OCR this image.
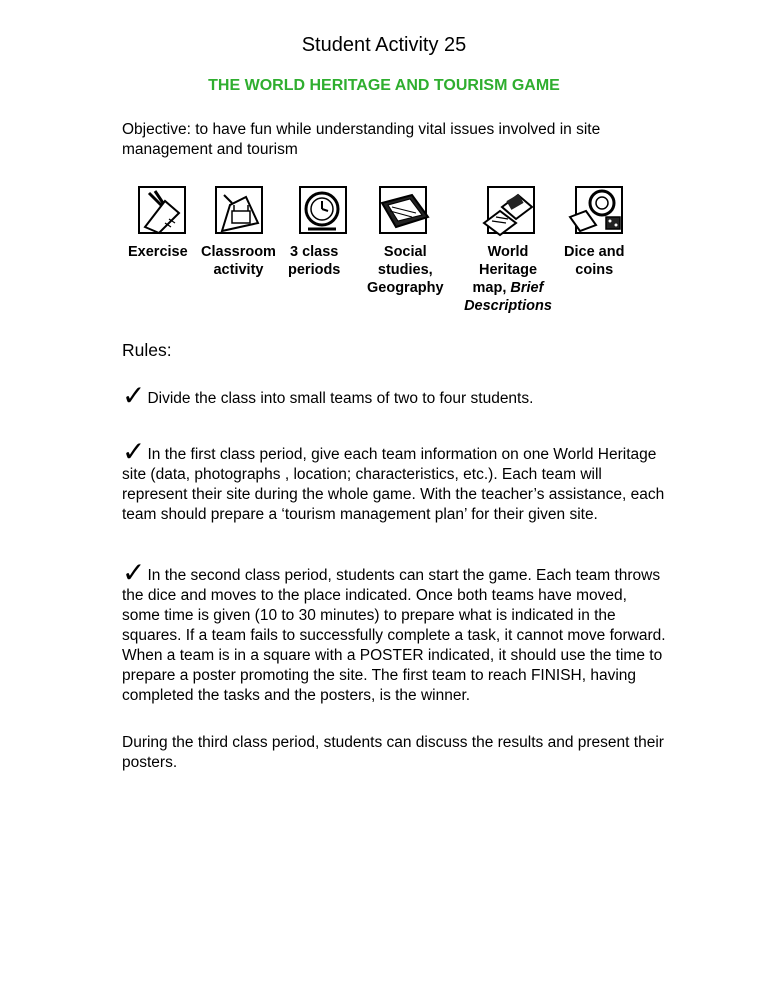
Student Activity 25
THE WORLD HERITAGE AND TOURISM GAME
Objective: to have fun while understanding vital issues involved in site management and tourism
Exercise Classroom
activity
3 class
periods
Social
studies,
Geography
World
Heritage
map, Brief
Descriptions
Dice and
coins
Rules:
✓ Divide the class into small teams of two to four students.
✓ In the first class period, give each team information on one World Heritage site (data, photographs , location; characteristics, etc.). Each team will represent their site during the whole game. With the teacher’s assistance, each team should prepare a ‘tourism management plan’ for their given site.
✓ In the second class period, students can start the game. Each team throws the dice and moves to the place indicated. Once both teams have moved, some time is given (10 to 30 minutes) to prepare what is indicated in the squares. If a team fails to successfully complete a task, it cannot move forward. When a team is in a square with a POSTER indicated, it should use the time to prepare a poster promoting the site. The first team to reach FINISH, having completed the tasks and the posters, is the winner.
During the third class period, students can discuss the results and present their posters.
